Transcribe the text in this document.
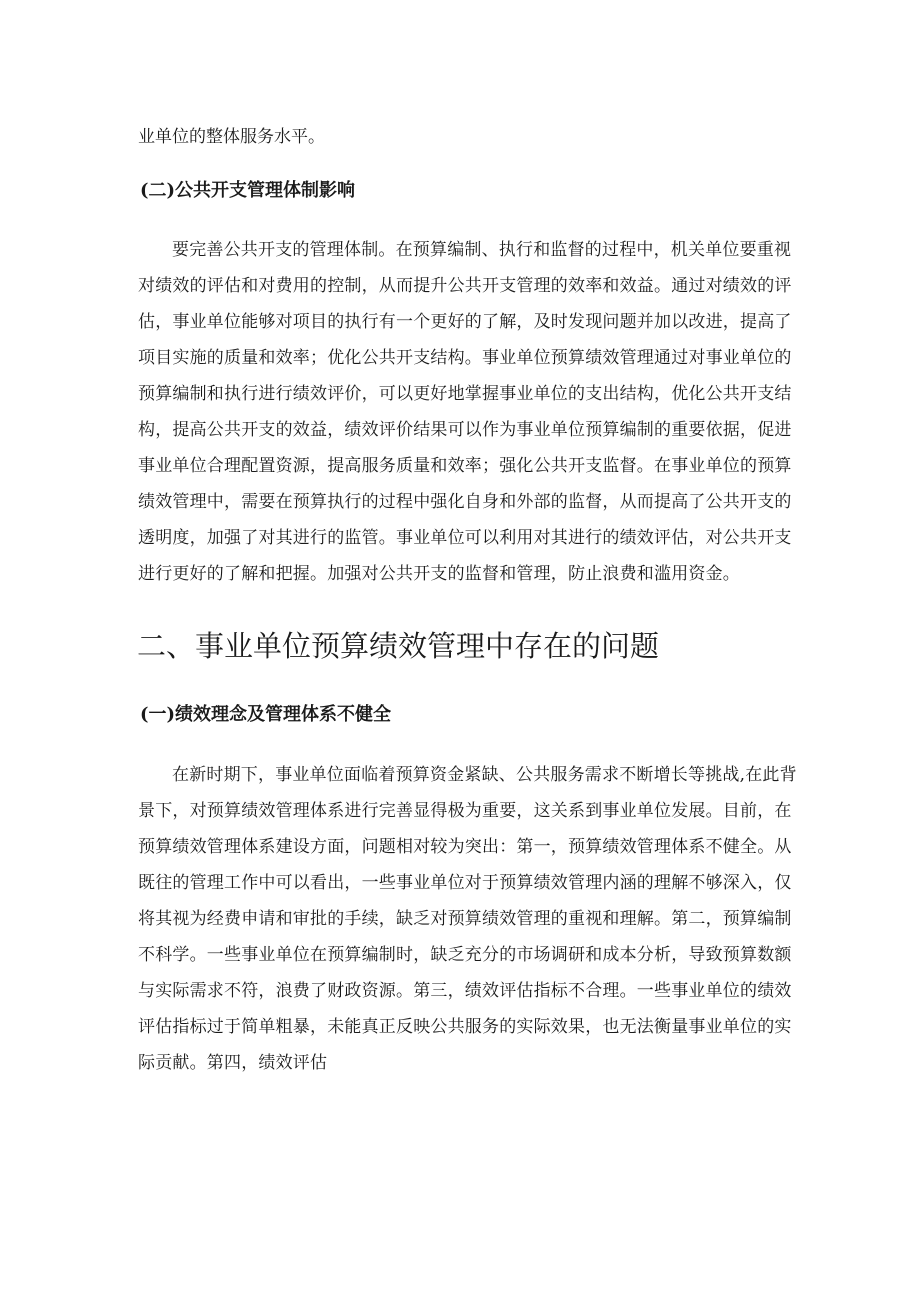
业单位的整体服务水平。

(二)公共开支管理体制影响
要完善公共开支的管理体制。在预算编制、执行和监督的过程中，机关单位要重视
对绩效的评估和对费用的控制，从而提升公共开支管理的效率和效益。通过对绩效的评
估，事业单位能够对项目的执行有一个更好的了解，及时发现问题并加以改进，提高了
项目实施的质量和效率；优化公共开支结构。事业单位预算绩效管理通过对事业单位的
预算编制和执行进行绩效评价，可以更好地掌握事业单位的支出结构，优化公共开支结
构，提高公共开支的效益，绩效评价结果可以作为事业单位预算编制的重要依据，促进
事业单位合理配置资源，提高服务质量和效率；强化公共开支监督。在事业单位的预算
绩效管理中，需要在预算执行的过程中强化自身和外部的监督，从而提高了公共开支的
透明度，加强了对其进行的监管。事业单位可以利用对其进行的绩效评估，对公共开支
进行更好的了解和把握。加强对公共开支的监督和管理，防止浪费和滥用资金。
二、事业单位预算绩效管理中存在的问题
(一)绩效理念及管理体系不健全
在新时期下，事业单位面临着预算资金紧缺、公共服务需求不断增长等挑战,在此背
景下，对预算绩效管理体系进行完善显得极为重要，这关系到事业单位发展。目前，在
预算绩效管理体系建设方面，问题相对较为突出：第一，预算绩效管理体系不健全。从
既往的管理工作中可以看出，一些事业单位对于预算绩效管理内涵的理解不够深入，仅
将其视为经费申请和审批的手续，缺乏对预算绩效管理的重视和理解。第二，预算编制
不科学。一些事业单位在预算编制时，缺乏充分的市场调研和成本分析，导致预算数额
与实际需求不符，浪费了财政资源。第三，绩效评估指标不合理。一些事业单位的绩效
评估指标过于简单粗暴，未能真正反映公共服务的实际效果，也无法衡量事业单位的实
际贡献。第四，绩效评估
